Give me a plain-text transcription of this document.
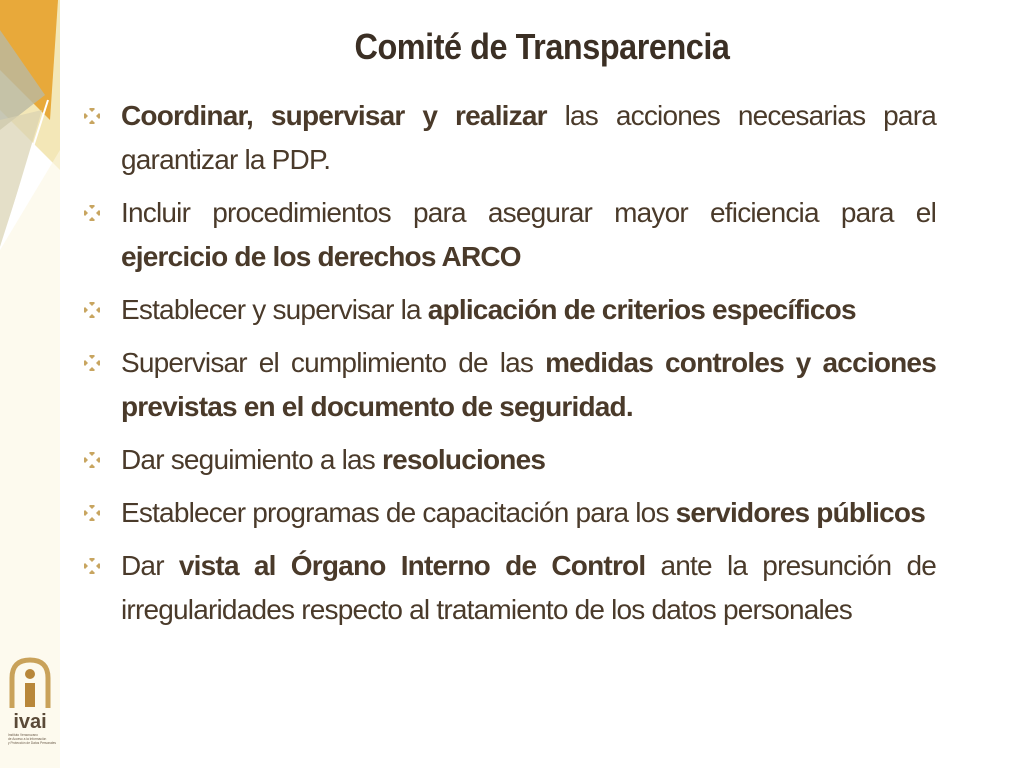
Comité de Transparencia
Coordinar, supervisar y realizar las acciones necesarias para garantizar la PDP.
Incluir procedimientos para asegurar mayor eficiencia para el ejercicio de los derechos ARCO
Establecer y supervisar la aplicación de criterios específicos
Supervisar el cumplimiento de las medidas controles y acciones previstas en el documento de seguridad.
Dar seguimiento a las resoluciones
Establecer programas de capacitación para los servidores públicos
Dar vista al Órgano Interno de Control ante la presunción de irregularidades respecto al tratamiento de los datos personales
ivai
Instituto Veracruzano de Acceso a la Información y Protección de Datos Personales
